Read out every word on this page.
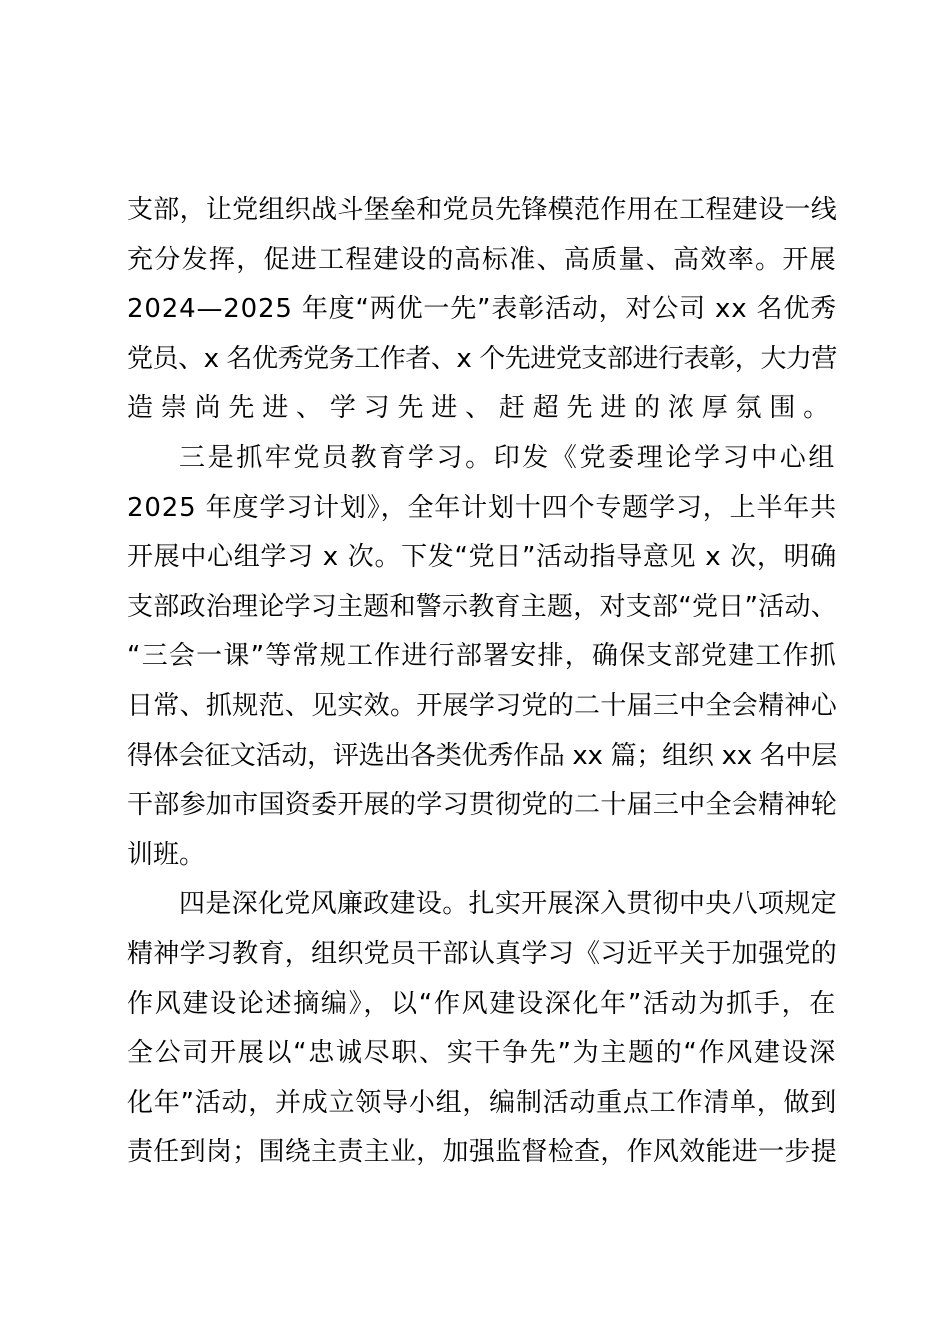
支部，让党组织战斗堡垒和党员先锋模范作用在工程建设一线
充分发挥，促进工程建设的高标准、高质量、高效率。开展
2024—2025 年度“两优一先”表彰活动，对公司 xx 名优秀
党员、x 名优秀党务工作者、x 个先进党支部进行表彰，大力营
造崇尚先进、学习先进、赶超先进的浓厚氛围。
三是抓牢党员教育学习。印发《党委理论学习中心组
2025 年度学习计划》，全年计划十四个专题学习，上半年共
开展中心组学习 x 次。下发“党日”活动指导意见 x 次，明确
支部政治理论学习主题和警示教育主题，对支部“党日”活动、
“三会一课”等常规工作进行部署安排，确保支部党建工作抓
日常、抓规范、见实效。开展学习党的二十届三中全会精神心
得体会征文活动，评选出各类优秀作品 xx 篇；组织 xx 名中层
干部参加市国资委开展的学习贯彻党的二十届三中全会精神轮
训班。
四是深化党风廉政建设。扎实开展深入贯彻中央八项规定
精神学习教育，组织党员干部认真学习《习近平关于加强党的
作风建设论述摘编》，以“作风建设深化年”活动为抓手，在
全公司开展以“忠诚尽职、实干争先”为主题的“作风建设深
化年”活动，并成立领导小组，编制活动重点工作清单，做到
责任到岗；围绕主责主业，加强监督检查，作风效能进一步提
